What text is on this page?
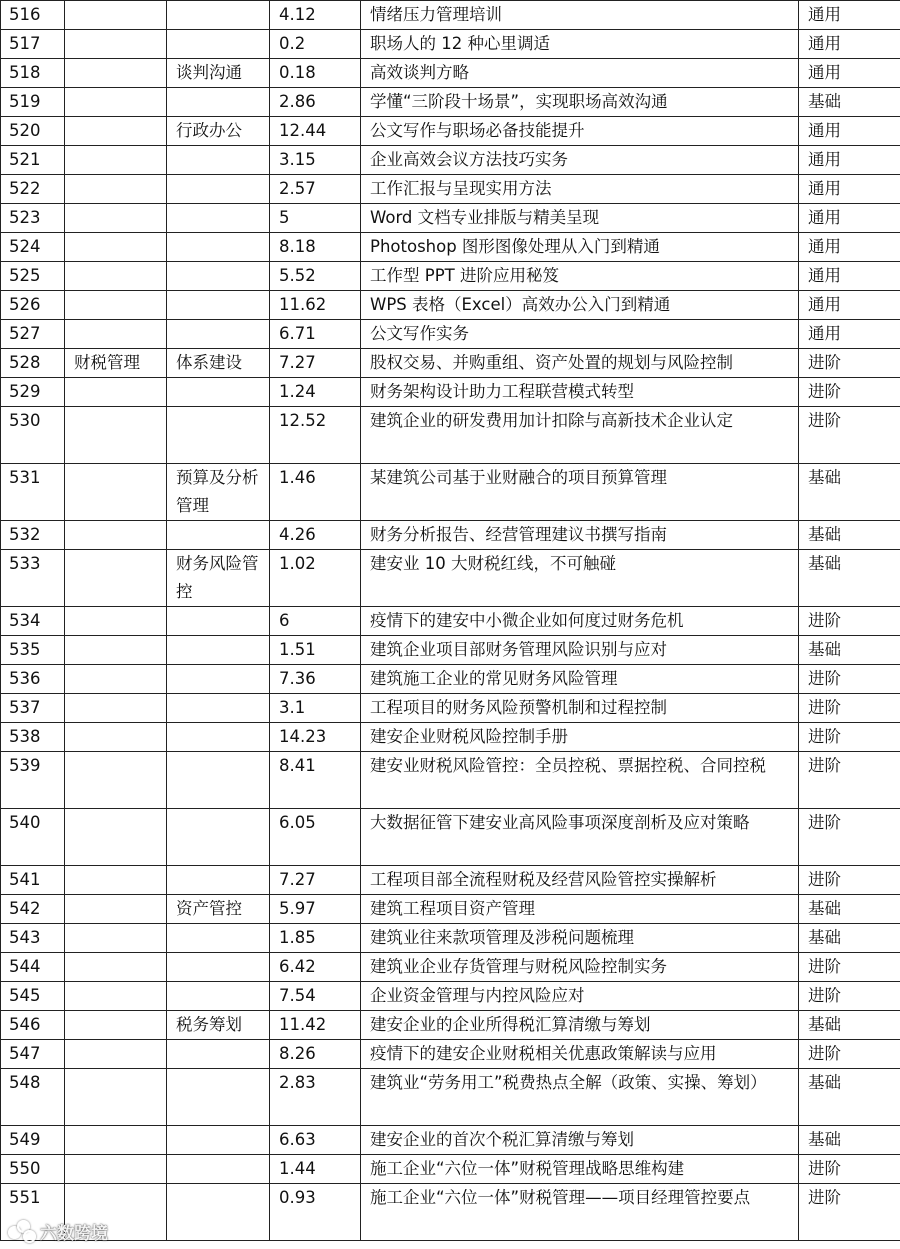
516			4.12	情绪压力管理培训	通用
517			0.2	职场人的 12 种心里调适	通用
518		谈判沟通	0.18	高效谈判方略	通用
519			2.86	学懂“三阶段十场景”，实现职场高效沟通	基础
520		行政办公	12.44	公文写作与职场必备技能提升	通用
521			3.15	企业高效会议方法技巧实务	通用
522			2.57	工作汇报与呈现实用方法	通用
523			5	Word 文档专业排版与精美呈现	通用
524			8.18	Photoshop 图形图像处理从入门到精通	通用
525			5.52	工作型 PPT 进阶应用秘笈	通用
526			11.62	WPS 表格（Excel）高效办公入门到精通	通用
527			6.71	公文写作实务	通用
528	财税管理	体系建设	7.27	股权交易、并购重组、资产处置的规划与风险控制	进阶
529			1.24	财务架构设计助力工程联营模式转型	进阶
530			12.52	建筑企业的研发费用加计扣除与高新技术企业认定	进阶
531		预算及分析管理	1.46	某建筑公司基于业财融合的项目预算管理	基础
532			4.26	财务分析报告、经营管理建议书撰写指南	基础
533		财务风险管控	1.02	建安业 10 大财税红线，不可触碰	基础
534			6	疫情下的建安中小微企业如何度过财务危机	进阶
535			1.51	建筑企业项目部财务管理风险识别与应对	基础
536			7.36	建筑施工企业的常见财务风险管理	进阶
537			3.1	工程项目的财务风险预警机制和过程控制	进阶
538			14.23	建安企业财税风险控制手册	进阶
539			8.41	建安业财税风险管控：全员控税、票据控税、合同控税	进阶
540			6.05	大数据征管下建安业高风险事项深度剖析及应对策略	进阶
541			7.27	工程项目部全流程财税及经营风险管控实操解析	进阶
542		资产管控	5.97	建筑工程项目资产管理	基础
543			1.85	建筑业往来款项管理及涉税问题梳理	基础
544			6.42	建筑业企业存货管理与财税风险控制实务	进阶
545			7.54	企业资金管理与内控风险应对	进阶
546		税务筹划	11.42	建安企业的企业所得税汇算清缴与筹划	基础
547			8.26	疫情下的建安企业财税相关优惠政策解读与应用	进阶
548			2.83	建筑业“劳务用工”税费热点全解（政策、实操、筹划）	基础
549			6.63	建安企业的首次个税汇算清缴与筹划	基础
550			1.44	施工企业“六位一体”财税管理战略思维构建	进阶
551			0.93	施工企业“六位一体”财税管理——项目经理管控要点	进阶
六数跨境
